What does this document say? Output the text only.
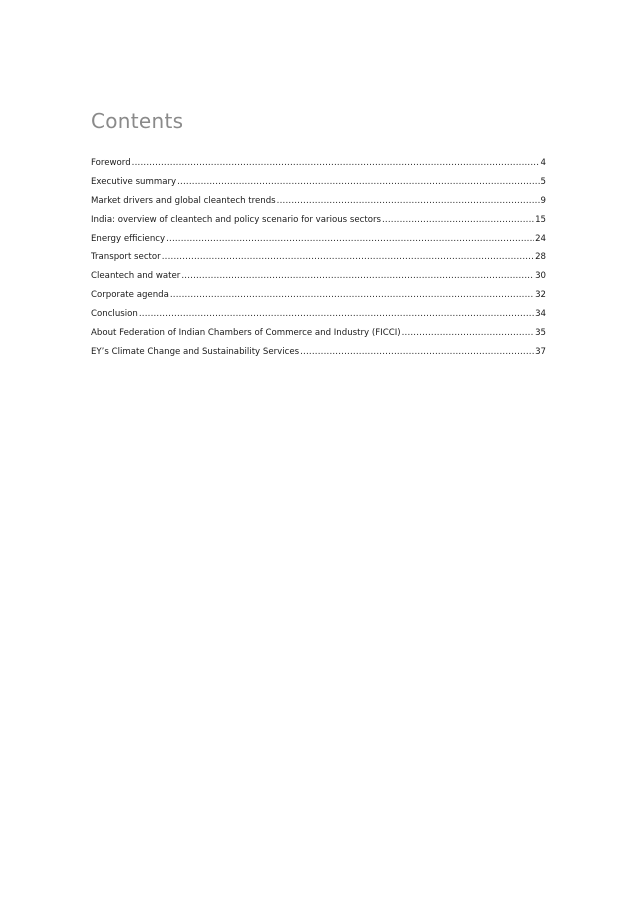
Contents
Foreword .....	4
Executive summary .....	5
Market drivers and global cleantech trends .....	9
India: overview of cleantech and policy scenario for various sectors .....	15
Energy efficiency .....	24
Transport sector .....	28
Cleantech and water .....	30
Corporate agenda .....	32
Conclusion .....	34
About Federation of Indian Chambers of Commerce and Industry (FICCI) .....	35
EY’s Climate Change and Sustainability Services .....	37
